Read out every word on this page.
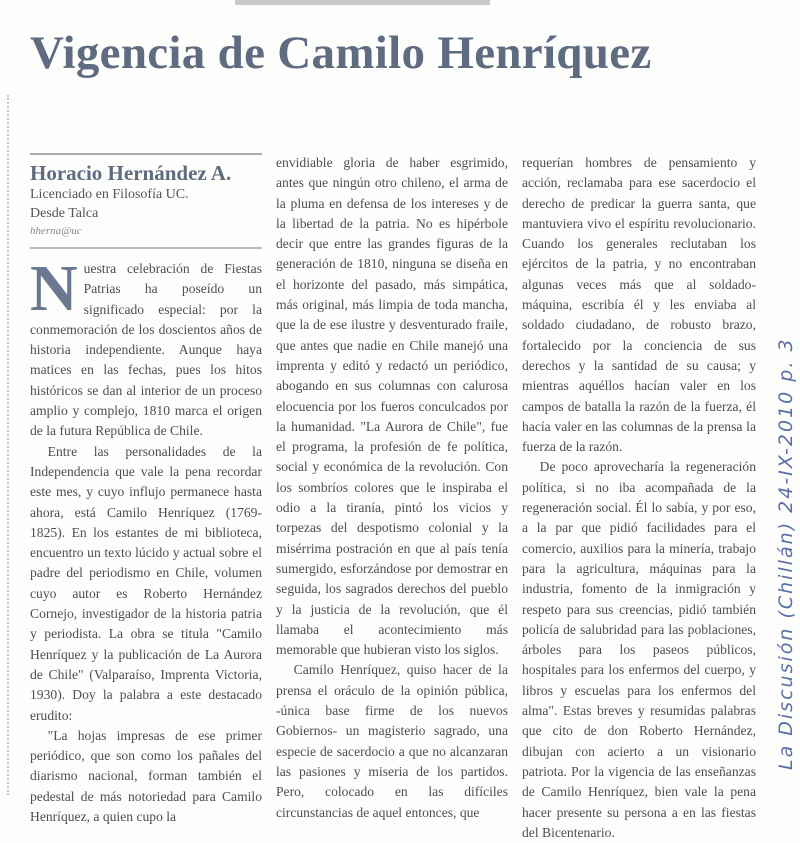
Vigencia de Camilo Henríquez
Horacio Hernández A.
Licenciado en Filosofía UC.
Desde Talca
hherna@uc

Nuestra celebración de Fiestas Patrias ha poseído un significado especial: por la conmemoración de los doscientos años de historia independiente. Aunque haya matices en las fechas, pues los hitos históricos se dan al interior de un proceso amplio y complejo, 1810 marca el origen de la futura República de Chile.

Entre las personalidades de la Independencia que vale la pena recordar este mes, y cuyo influjo permanece hasta ahora, está Camilo Henríquez (1769-1825). En los estantes de mi biblioteca, encuentro un texto lúcido y actual sobre el padre del periodismo en Chile, volumen cuyo autor es Roberto Hernández Cornejo, investigador de la historia patria y periodista. La obra se titula "Camilo Henríquez y la publicación de La Aurora de Chile" (Valparaíso, Imprenta Victoria, 1930). Doy la palabra a este destacado erudito:

"La hojas impresas de ese primer periódico, que son como los pañales del diarismo nacional, forman también el pedestal de más notoriedad para Camilo Henríquez, a quien cupo la

envidiable gloria de haber esgrimido, antes que ningún otro chileno, el arma de la pluma en defensa de los intereses y de la libertad de la patria. No es hipérbole decir que entre las grandes figuras de la generación de 1810, ninguna se diseña en el horizonte del pasado, más simpática, más original, más limpia de toda mancha, que la de ese ilustre y desventurado fraile, que antes que nadie en Chile manejó una imprenta y editó y redactó un periódico, abogando en sus columnas con calurosa elocuencia por los fueros conculcados por la humanidad. "La Aurora de Chile", fue el programa, la profesión de fe política, social y económica de la revolución. Con los sombríos colores que le inspiraba el odio a la tiranía, pintó los vicios y torpezas del despotismo colonial y la misérrima postración en que al país tenía sumergido, esforzándose por demostrar en seguida, los sagrados derechos del pueblo y la justicia de la revolución, que él llamaba el acontecimiento más memorable que hubieran visto los siglos.

Camilo Henríquez, quiso hacer de la prensa el oráculo de la opinión pública, -única base firme de los nuevos Gobiernos- un magisterio sagrado, una especie de sacerdocio a que no alcanzaran las pasiones y miseria de los partidos. Pero, colocado en las difíciles circunstancias de aquel entonces, que

requerían hombres de pensamiento y acción, reclamaba para ese sacerdocio el derecho de predicar la guerra santa, que mantuviera vivo el espíritu revolucionario. Cuando los generales reclutaban los ejércitos de la patria, y no encontraban algunas veces más que al soldado-máquina, escribía él y les enviaba al soldado ciudadano, de robusto brazo, fortalecido por la conciencia de sus derechos y la santidad de su causa; y mientras aquéllos hacían valer en los campos de batalla la razón de la fuerza, él hacía valer en las columnas de la prensa la fuerza de la razón.

De poco aprovecharía la regeneración política, si no iba acompañada de la regeneración social. Él lo sabía, y por eso, a la par que pidió facilidades para el comercio, auxilios para la minería, trabajo para la agricultura, máquinas para la industria, fomento de la inmigración y respeto para sus creencias, pidió también policía de salubridad para las poblaciones, árboles para los paseos públicos, hospitales para los enfermos del cuerpo, y libros y escuelas para los enfermos del alma". Estas breves y resumidas palabras que cito de don Roberto Hernández, dibujan con acierto a un visionario patriota. Por la vigencia de las enseñanzas de Camilo Henríquez, bien vale la pena hacer presente su persona a en las fiestas del Bicentenario.

La Discusión (Chillán) 24-IX-2010 p. 3
